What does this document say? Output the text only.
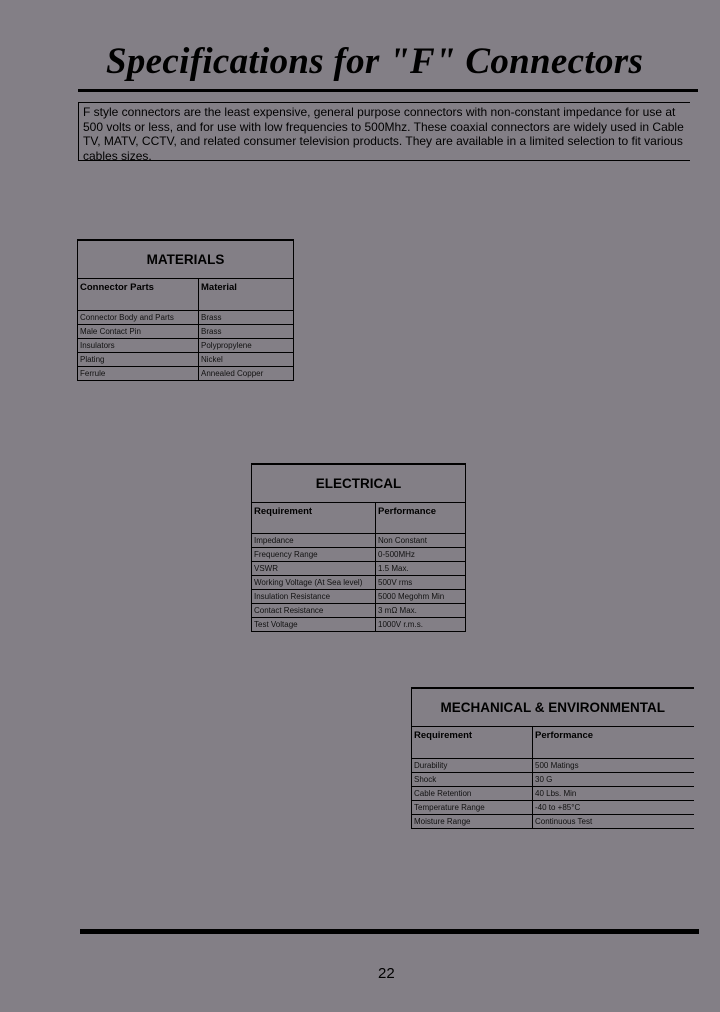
Specifications for "F" Connectors
F style connectors are the least expensive, general purpose connectors with non-constant impedance for use at 500 volts or less, and for use with low frequencies to 500Mhz. These coaxial connectors are widely used in Cable TV, MATV, CCTV, and related consumer television products. They are available in a limited selection to fit various cables sizes.
MATERIALS	
Connector Parts	Material
Connector Body and Parts	Brass
Male Contact Pin	Brass
Insulators	Polypropylene
Plating	Nickel
Ferrule	Annealed Copper
ELECTRICAL	
Requirement	Performance
Impedance	Non Constant
Frequency Range	0-500MHz
VSWR	1.5 Max.
Working Voltage (At Sea level)	500V rms
Insulation Resistance	5000 Megohm Min
Contact Resistance	3 mΩ Max.
Test Voltage	1000V r.m.s.
MECHANICAL & ENVIRONMENTAL	
Requirement	Performance
Durability	500 Matings
Shock	30 G
Cable Retention	40 Lbs. Min
Temperature Range	-40 to +85°C
Moisture Range	Continuous Test
22
